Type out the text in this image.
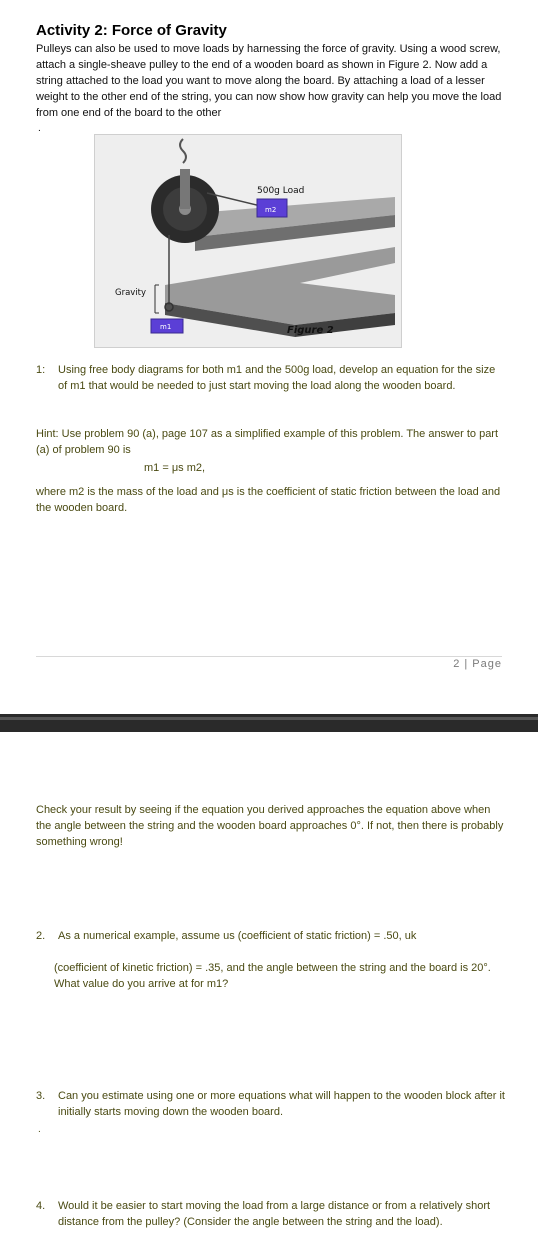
Activity 2: Force of Gravity
Pulleys can also be used to move loads by harnessing the force of gravity. Using a wood screw, attach a single-sheave pulley to the end of a wooden board as shown in Figure 2. Now add a string attached to the load you want to move along the board. By attaching a load of a lesser weight to the other end of the string, you can now show how gravity can help you move the load from one end of the board to the other
.
500g Load
m2
Gravity
m1	Figure 2
1: Using free body diagrams for both m1 and the 500g load, develop an equation for the size of m1 that would be needed to just start moving the load along the wooden board.
Hint: Use problem 90 (a), page 107 as a simplified example of this problem. The answer to part (a) of problem 90 is
m1 = μs m2,
where m2 is the mass of the load and μs is the coefficient of static friction between the load and the wooden board.
2 | Page
Check your result by seeing if the equation you derived approaches the equation above when the angle between the string and the wooden board approaches 0°. If not, then there is probably something wrong!
2. As a numerical example, assume us (coefficient of static friction) = .50, uk
(coefficient of kinetic friction) = .35, and the angle between the string and the board is 20°. What value do you arrive at for m1?
3. Can you estimate using one or more equations what will happen to the wooden block after it initially starts moving down the wooden board.
.
4. Would it be easier to start moving the load from a large distance or from a relatively short distance from the pulley? (Consider the angle between the string and the load).
